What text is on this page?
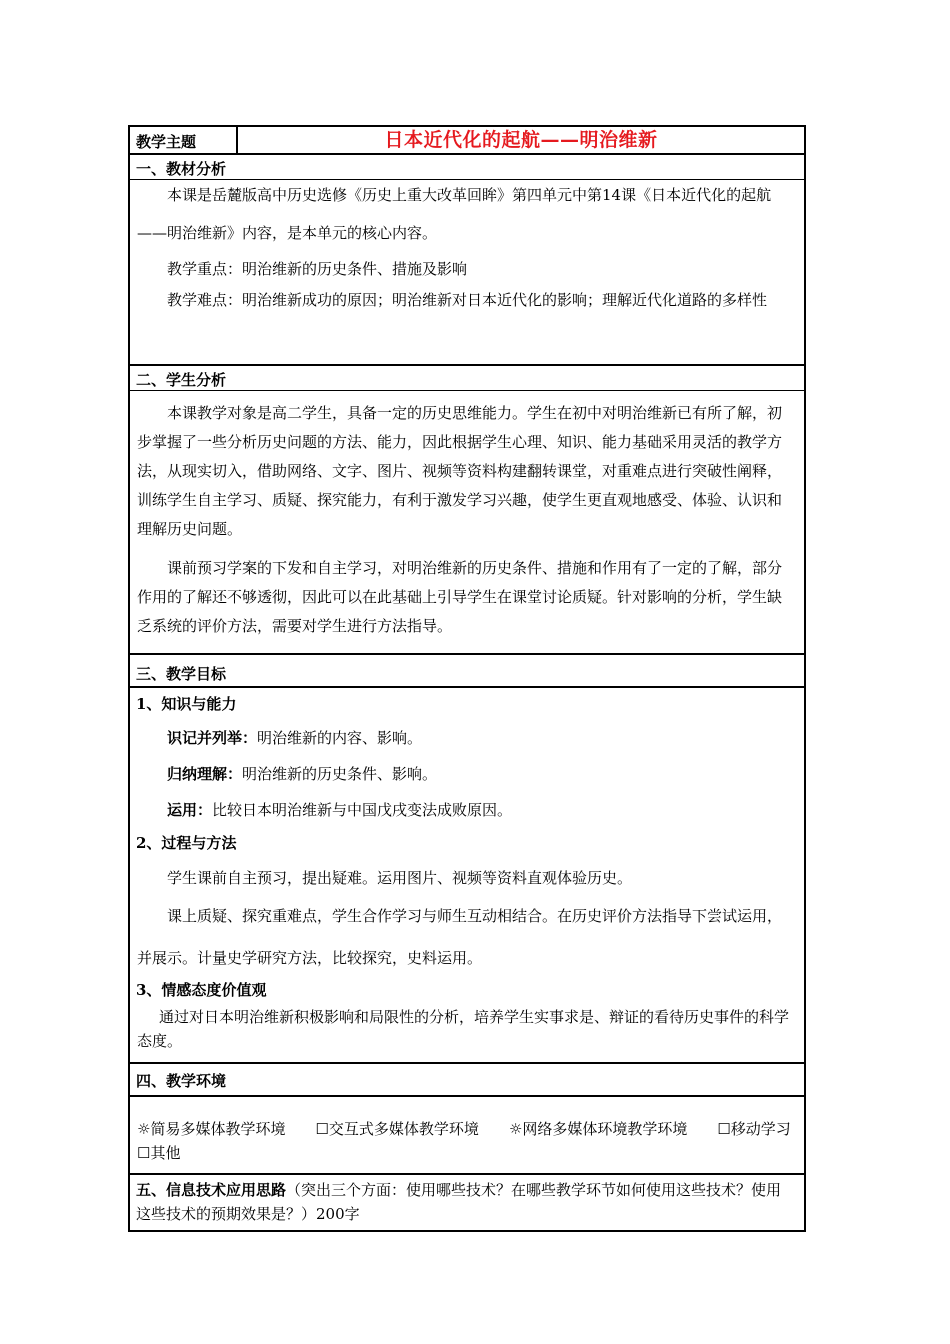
教学主题	日本近代化的起航——明治维新
一、教材分析

本课是岳麓版高中历史选修《历史上重大改革回眸》第四单元中第14课《日本近代化的起航——明治维新》内容，是本单元的核心内容。

教学重点：明治维新的历史条件、措施及影响

教学难点：明治维新成功的原因；明治维新对日本近代化的影响；理解近代化道路的多样性

二、学生分析

本课教学对象是高二学生，具备一定的历史思维能力。学生在初中对明治维新已有所了解，初步掌握了一些分析历史问题的方法、能力，因此根据学生心理、知识、能力基础采用灵活的教学方法，从现实切入，借助网络、文字、图片、视频等资料构建翻转课堂，对重难点进行突破性阐释，训练学生自主学习、质疑、探究能力，有利于激发学习兴趣，使学生更直观地感受、体验、认识和理解历史问题。

课前预习学案的下发和自主学习，对明治维新的历史条件、措施和作用有了一定的了解，部分作用的了解还不够透彻，因此可以在此基础上引导学生在课堂讨论质疑。针对影响的分析，学生缺乏系统的评价方法，需要对学生进行方法指导。

三、教学目标
1、知识与能力

识记并列举：明治维新的内容、影响。

归纳理解：明治维新的历史条件、影响。

运用：比较日本明治维新与中国戊戌变法成败原因。

2、过程与方法

学生课前自主预习，提出疑难。运用图片、视频等资料直观体验历史。

课上质疑、探究重难点，学生合作学习与师生互动相结合。在历史评价方法指导下尝试运用，并展示。计量史学研究方法，比较探究，史料运用。

3、情感态度价值观

通过对日本明治维新积极影响和局限性的分析，培养学生实事求是、辩证的看待历史事件的科学态度。

四、教学环境

☼简易多媒体教学环境　　☐交互式多媒体教学环境　　☼网络多媒体环境教学环境　　☐移动学习　　☐其他

五、信息技术应用思路（突出三个方面：使用哪些技术？在哪些教学环节如何使用这些技术？使用这些技术的预期效果是？）200字
